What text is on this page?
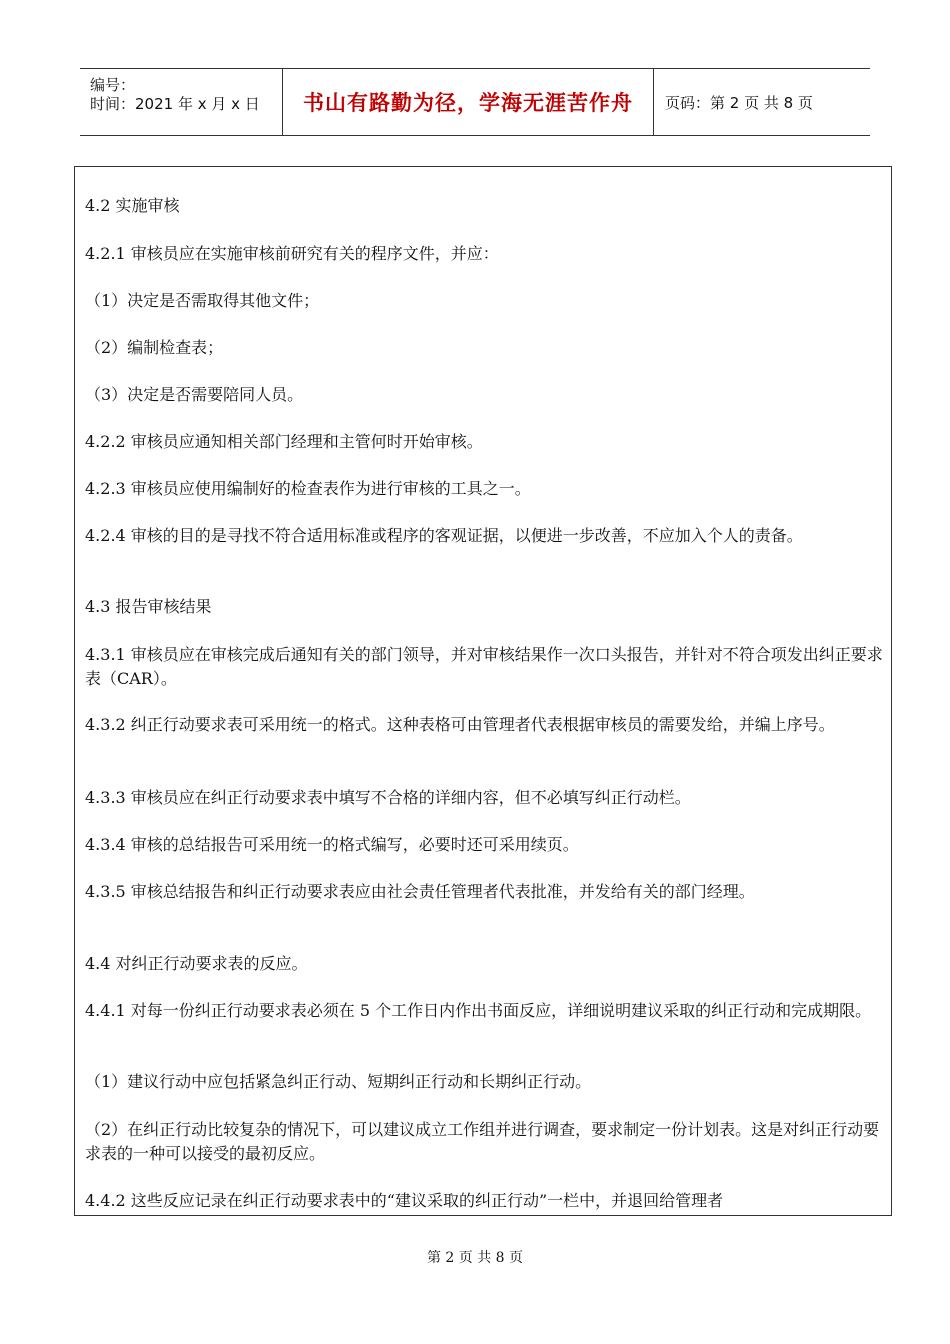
编号：
时间：2021 年 x 月 x 日 书山有路勤为径，学海无涯苦作舟 页码：第 2 页 共 8 页
4.2 实施审核
4.2.1 审核员应在实施审核前研究有关的程序文件，并应：
（1）决定是否需取得其他文件；
（2）编制检查表；
（3）决定是否需要陪同人员。
4.2.2 审核员应通知相关部门经理和主管何时开始审核。
4.2.3 审核员应使用编制好的检查表作为进行审核的工具之一。
4.2.4 审核的目的是寻找不符合适用标准或程序的客观证据，以便进一步改善，不应加入个人的责备。
4.3 报告审核结果
4.3.1 审核员应在审核完成后通知有关的部门领导，并对审核结果作一次口头报告，并针对不符合项发出纠正要求表（CAR）。
4.3.2 纠正行动要求表可采用统一的格式。这种表格可由管理者代表根据审核员的需要发给，并编上序号。
4.3.3 审核员应在纠正行动要求表中填写不合格的详细内容，但不必填写纠正行动栏。
4.3.4 审核的总结报告可采用统一的格式编写，必要时还可采用续页。
4.3.5 审核总结报告和纠正行动要求表应由社会责任管理者代表批准，并发给有关的部门经理。
4.4 对纠正行动要求表的反应。
4.4.1 对每一份纠正行动要求表必须在 5 个工作日内作出书面反应，详细说明建议采取的纠正行动和完成期限。
（1）建议行动中应包括紧急纠正行动、短期纠正行动和长期纠正行动。
（2）在纠正行动比较复杂的情况下，可以建议成立工作组并进行调查，要求制定一份计划表。这是对纠正行动要求表的一种可以接受的最初反应。
4.4.2 这些反应记录在纠正行动要求表中的“建议采取的纠正行动”一栏中，并退回给管理者
第 2 页 共 8 页
